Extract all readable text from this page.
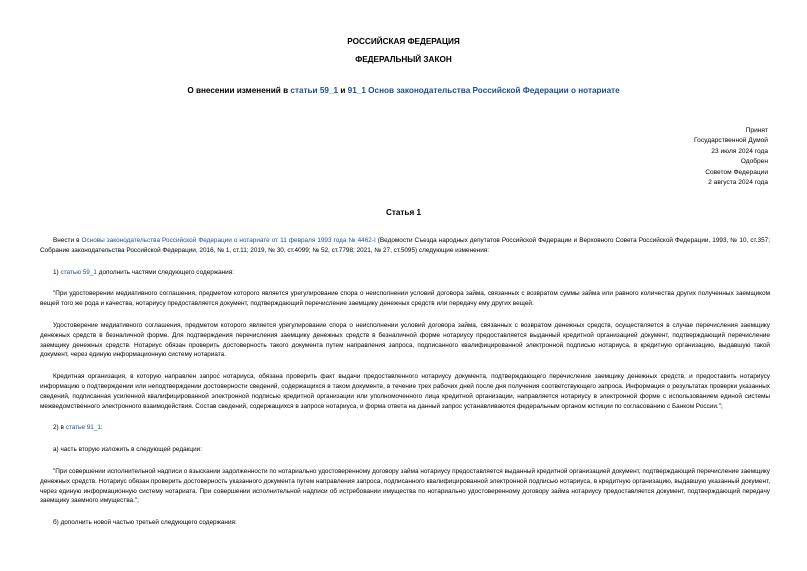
РОССИЙСКАЯ ФЕДЕРАЦИЯ
ФЕДЕРАЛЬНЫЙ ЗАКОН
О внесении изменений в статьи 59_1 и 91_1 Основ законодательства Российской Федерации о нотариате
Принят
Государственной Думой
23 июля 2024 года
Одобрен
Советом Федерации
2 августа 2024 года
Статья 1

Внести в Основы законодательства Российской Федерации о нотариате от 11 февраля 1993 года № 4462-I (Ведомости Съезда народных депутатов Российской Федерации и Верховного Совета Российской Федерации, 1993, № 10, ст.357; Собрание законодательства Российской Федерации, 2016, № 1, ст.11; 2019, № 30, ст.4099; № 52, ст.7798; 2021, № 27, ст.5095) следующие изменения:

1) статью 59_1 дополнить частями следующего содержания:

"При удостоверении медиативного соглашения, предметом которого является урегулирование спора о неисполнении условий договора займа, связанных с возвратом суммы займа или равного количества других полученных заемщиком вещей того же рода и качества, нотариусу предоставляется документ, подтверждающий перечисление заемщику денежных средств или передачу ему других вещей.

Удостоверение медиативного соглашения, предметом которого является урегулирование спора о неисполнении условий договора займа, связанных с возвратом денежных средств, осуществляется в случае перечисления заемщику денежных средств в безналичной форме. Для подтверждения перечисления заемщику денежных средств в безналичной форме нотариусу предоставляется выданный кредитной организацией документ, подтверждающий перечисление заемщику денежных средств. Нотариус обязан проверить достоверность такого документа путем направления запроса, подписанного квалифицированной электронной подписью нотариуса, в кредитную организацию, выдавшую такой документ, через единую информационную систему нотариата.

Кредитная организация, в которую направлен запрос нотариуса, обязана проверить факт выдачи предоставленного нотариусу документа, подтверждающего перечисление заемщику денежных средств, и предоставить нотариусу информацию о подтверждении или неподтверждении достоверности сведений, содержащихся в таком документе, в течение трех рабочих дней после дня получения соответствующего запроса. Информация о результатах проверки указанных сведений, подписанная усиленной квалифицированной электронной подписью кредитной организации или уполномоченного лица кредитной организации, направляется нотариусу в электронной форме с использованием единой системы межведомственного электронного взаимодействия. Состав сведений, содержащихся в запросе нотариуса, и форма ответа на данный запрос устанавливаются федеральным органом юстиции по согласованию с Банком России.";

2) в статье 91_1:

а) часть вторую изложить в следующей редакции:

"При совершении исполнительной надписи о взыскании задолженности по нотариально удостоверенному договору займа нотариусу предоставляется выданный кредитной организацией документ, подтверждающий перечисление заемщику денежных средств. Нотариус обязан проверить достоверность указанного документа путем направления запроса, подписанного квалифицированной электронной подписью нотариуса, в кредитную организацию, выдавшую указанный документ, через единую информационную систему нотариата. При совершении исполнительной надписи об истребовании имущества по нотариально удостоверенному договору займа нотариусу предоставляется документ, подтверждающий передачу заемщику заемного имущества.";

б) дополнить новой частью третьей следующего содержания:
